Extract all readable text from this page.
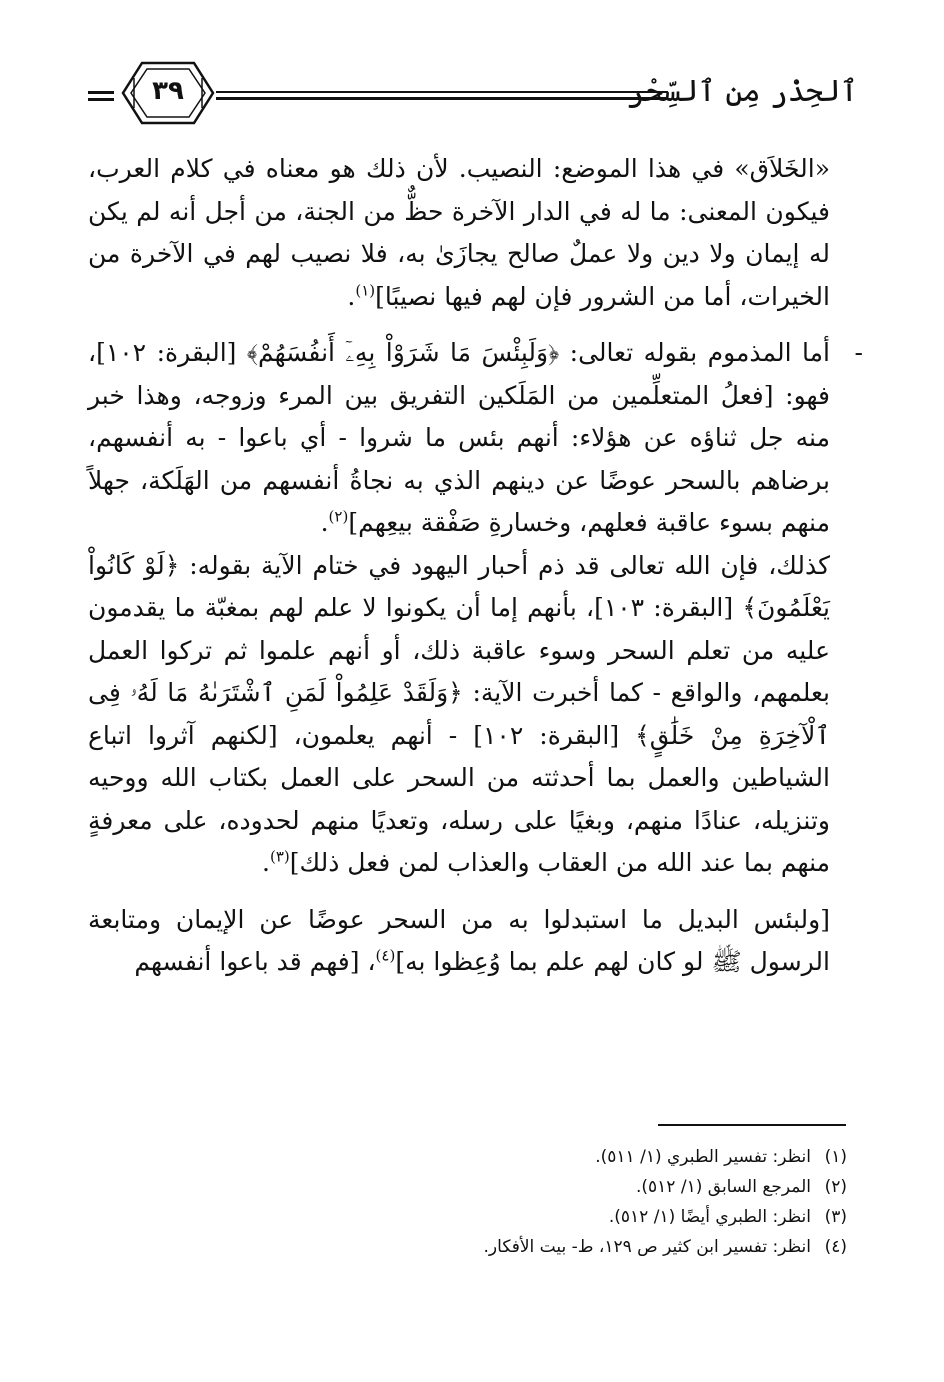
ٱلحِذْر مِن ٱلسِّحْر
٣٩

«الخَلاَق» في هذا الموضع: النصيب. لأن ذلك هو معناه في كلام العرب، فيكون المعنى: ما له في الدار الآخرة حظٌّ من الجنة، من أجل أنه لم يكن له إيمان ولا دين ولا عملٌ صالح يجازَىٰ به، فلا نصيب لهم في الآخرة من الخيرات، أما من الشرور فإن لهم فيها نصيبًا]$^{(١)}$.

-
أما المذموم بقوله تعالى: ﴿وَلَبِئْسَ مَا شَرَوْاْ بِهِۦٓ أَنفُسَهُمْ﴾ [البقرة: ١٠٢]، فهو: [فعلُ المتعلِّمين من المَلَكين التفريق بين المرء وزوجه، وهذا خبر منه جل ثناؤه عن هؤلاء: أنهم بئس ما شروا - أي باعوا - به أنفسهم، برضاهم بالسحر عوضًا عن دينهم الذي به نجاةُ أنفسهم من الهَلَكة، جهلاً منهم بسوء عاقبة فعلهم، وخسارةِ صَفْقة بيعِهم]$^{(٢)}$.

كذلك، فإن الله تعالى قد ذم أحبار اليهود في ختام الآية بقوله: ﴿لَوْ كَانُواْ يَعْلَمُونَ﴾ [البقرة: ١٠٣]، بأنهم إما أن يكونوا لا علم لهم بمغبّة ما يقدمون عليه من تعلم السحر وسوء عاقبة ذلك، أو أنهم علموا ثم تركوا العمل بعلمهم، والواقع - كما أخبرت الآية: ﴿وَلَقَدْ عَلِمُواْ لَمَنِ ٱشْتَرَىٰهُ مَا لَهُۥ فِى ٱلْآخِرَةِ مِنْ خَلَٰقٍ﴾ [البقرة: ١٠٢] - أنهم يعلمون، [لكنهم آثروا اتباع الشياطين والعمل بما أحدثته من السحر على العمل بكتاب الله ووحيه وتنزيله، عنادًا منهم، وبغيًا على رسله، وتعديًا منهم لحدوده، على معرفةٍ منهم بما عند الله من العقاب والعذاب لمن فعل ذلك]$^{(٣)}$.

[ولبئس البديل ما استبدلوا به من السحر عوضًا عن الإيمان ومتابعة الرسول ﷺ لو كان لهم علم بما وُعِظوا به]$^{(٤)}$، [فهم قد باعوا أنفسهم

(١)انظر: تفسير الطبري (١/ ٥١١).
(٢)المرجع السابق (١/ ٥١٢).
(٣)انظر: الطبري أيضًا (١/ ٥١٢).
(٤)انظر: تفسير ابن كثير ص ١٢٩، ط- بيت الأفكار.
